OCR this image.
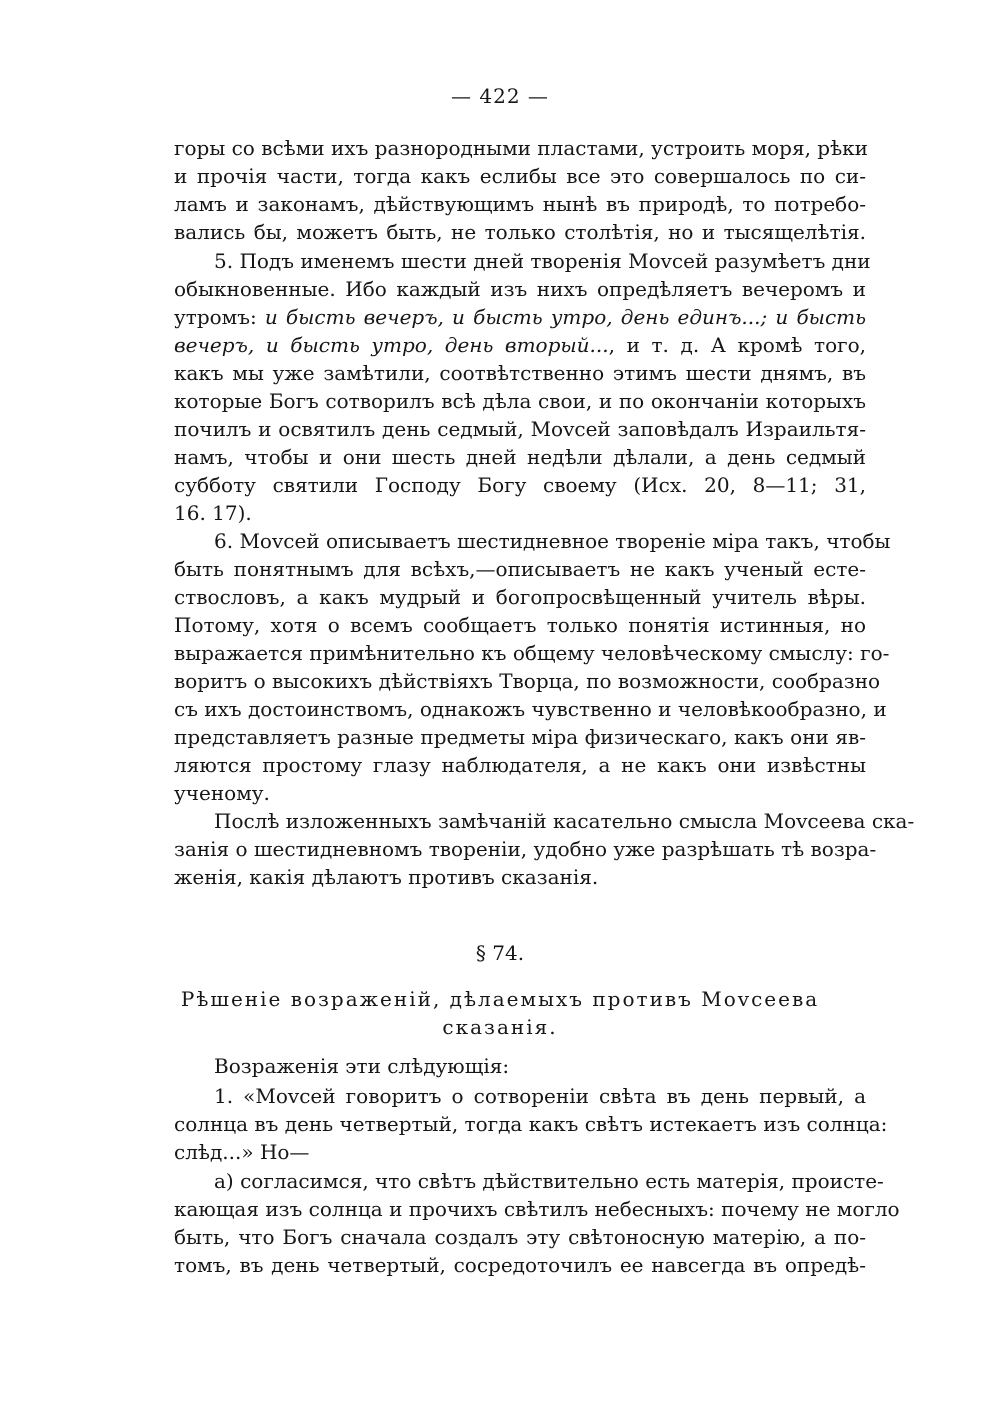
— 422 —
горы со всѣми ихъ разнородными пластами, устроить моря, рѣки
и прочія части, тогда какъ еслибы все это совершалось по си-
ламъ и законамъ, дѣйствующимъ нынѣ въ природѣ, то потребо-
вались бы, можетъ быть, не только столѣтія, но и тысящелѣтія.
5. Подъ именемъ шести дней творенія Моvсей разумѣетъ дни
обыкновенные. Ибо каждый изъ нихъ опредѣляетъ вечеромъ и
утромъ: и бысть вечеръ, и бысть утро, день единъ...; и бысть
вечеръ, и бысть утро, день вторый..., и т. д. А кромѣ того,
какъ мы уже замѣтили, соотвѣтственно этимъ шести днямъ, въ
которые Богъ сотворилъ всѣ дѣла свои, и по окончаніи которыхъ
почилъ и освятилъ день седмый, Моvсей заповѣдалъ Израильтя-
намъ, чтобы и они шесть дней недѣли дѣлали, а день седмый
субботу святили Господу Богу своему (Исх. 20, 8—11; 31,
16. 17).
6. Моvсей описываетъ шестидневное твореніе міра такъ, чтобы
быть понятнымъ для всѣхъ,—описываетъ не какъ ученый есте-
ствословъ, а какъ мудрый и богопросвѣщенный учитель вѣры.
Потому, хотя о всемъ сообщаетъ только понятія истинныя, но
выражается примѣнительно къ общему человѣческому смыслу: го-
воритъ о высокихъ дѣйствіяхъ Творца, по возможности, сообразно
съ ихъ достоинствомъ, однакожъ чувственно и человѣкообразно, и
представляетъ разные предметы міра физическаго, какъ они яв-
ляются простому глазу наблюдателя, а не какъ они извѣстны
ученому.
Послѣ изложенныхъ замѣчаній касательно смысла Моvсеева ска-
занія о шестидневномъ твореніи, удобно уже разрѣшать тѣ возра-
женія, какія дѣлаютъ противъ сказанія.
§ 74.
Рѣшеніе возраженій, дѣлаемыхъ противъ Моvсеева
сказанія.
Возраженія эти слѣдующія:
1. «Моvсей говоритъ о сотвореніи свѣта въ день первый, а
солнца въ день четвертый, тогда какъ свѣтъ истекаетъ изъ солнца:
слѣд...» Но—
а) согласимся, что свѣтъ дѣйствительно есть матерія, происте-
кающая изъ солнца и прочихъ свѣтилъ небесныхъ: почему не могло
быть, что Богъ сначала создалъ эту свѣтоносную матерію, а по-
томъ, въ день четвертый, сосредоточилъ ее навсегда въ опредѣ-
